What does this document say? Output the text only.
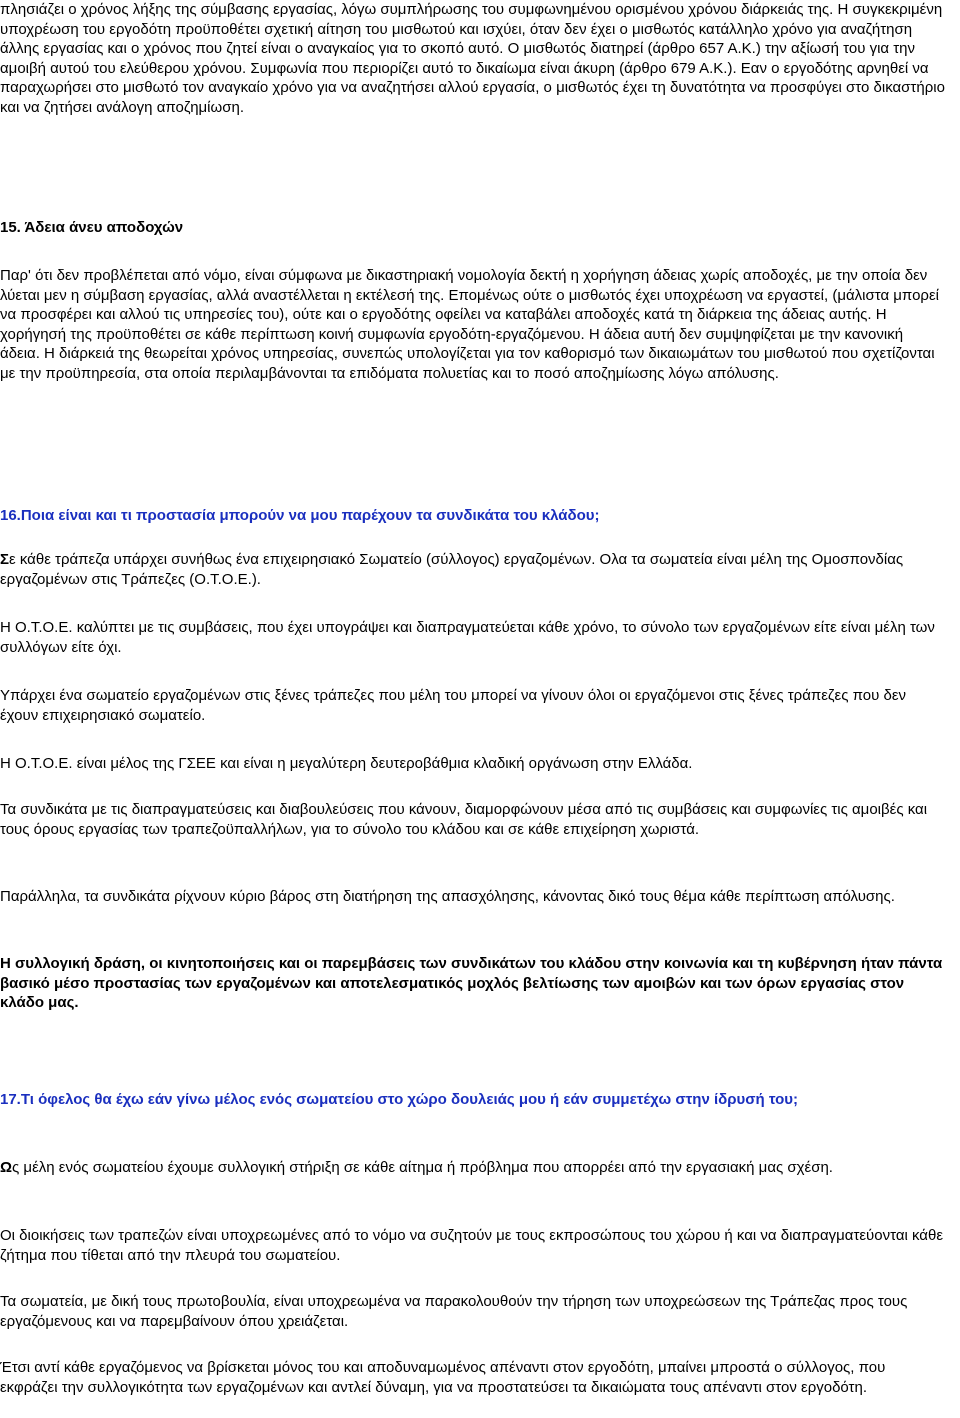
πλησιάζει ο χρόνος λήξης της σύμβασης εργασίας, λόγω συμπλήρωσης του συμφωνημένου ορισμένου χρόνου διάρκειάς της. Η συγκεκριμένη υποχρέωση του εργοδότη προϋποθέτει σχετική αίτηση του μισθωτού και ισχύει, όταν δεν έχει ο μισθωτός κατάλληλο χρόνο για αναζήτηση άλλης εργασίας και ο χρόνος που ζητεί είναι ο αναγκαίος για το σκοπό αυτό. Ο μισθωτός διατηρεί (άρθρο 657 Α.Κ.) την αξίωσή του για την αμοιβή αυτού του ελεύθερου χρόνου. Συμφωνία που περιορίζει αυτό το δικαίωμα είναι άκυρη (άρθρο 679 Α.Κ.). Εαν ο εργοδότης αρνηθεί να παραχωρήσει στο μισθωτό τον αναγκαίο χρόνο για να αναζητήσει αλλού εργασία, ο μισθωτός έχει τη δυνατότητα να προσφύγει στο δικαστήριο και να ζητήσει ανάλογη αποζημίωση.

15. Άδεια άνευ αποδοχών

Παρ' ότι δεν προβλέπεται από νόμο, είναι σύμφωνα με δικαστηριακή νομολογία δεκτή η χορήγηση άδειας χωρίς αποδοχές, με την οποία δεν λύεται μεν η σύμβαση εργασίας, αλλά αναστέλλεται η εκτέλεσή της. Επομένως ούτε ο μισθωτός έχει υποχρέωση να εργαστεί, (μάλιστα μπορεί να προσφέρει και αλλού τις υπηρεσίες του), ούτε και ο εργοδότης οφείλει να καταβάλει αποδοχές κατά τη διάρκεια της άδειας αυτής. Η χορήγησή της προϋποθέτει σε κάθε περίπτωση κοινή συμφωνία εργοδότη-εργαζόμενου. Η άδεια αυτή δεν συμψηφίζεται με την κανονική άδεια. Η διάρκειά της θεωρείται χρόνος υπηρεσίας, συνεπώς υπολογίζεται για τον καθορισμό των δικαιωμάτων του μισθωτού που σχετίζονται με την προϋπηρεσία, στα οποία περιλαμβάνονται τα επιδόματα πολυετίας και το ποσό αποζημίωσης λόγω απόλυσης.

16.Ποια είναι και τι προστασία μπορούν να μου παρέχουν τα συνδικάτα του κλάδου;

Σε κάθε τράπεζα υπάρχει συνήθως ένα επιχειρησιακό Σωματείο (σύλλογος) εργαζομένων. Ολα τα σωματεία είναι μέλη της Ομοσπονδίας εργαζομένων στις Τράπεζες (Ο.Τ.Ο.Ε.).

Η Ο.Τ.Ο.Ε. καλύπτει με τις συμβάσεις, που έχει υπογράψει και διαπραγματεύεται κάθε χρόνο, το σύνολο των εργαζομένων είτε είναι μέλη των συλλόγων είτε όχι.

Υπάρχει ένα σωματείο εργαζομένων στις ξένες τράπεζες που μέλη του μπορεί να γίνουν όλοι οι εργαζόμενοι στις ξένες τράπεζες που δεν έχουν επιχειρησιακό σωματείο.

Η Ο.Τ.Ο.Ε. είναι μέλος της ΓΣΕΕ και είναι η μεγαλύτερη δευτεροβάθμια κλαδική οργάνωση στην Ελλάδα.

Τα συνδικάτα με τις διαπραγματεύσεις και διαβουλεύσεις που κάνουν, διαμορφώνουν μέσα από τις συμβάσεις και συμφωνίες τις αμοιβές και τους όρους εργασίας των τραπεζοϋπαλλήλων, για το σύνολο του κλάδου και σε κάθε επιχείρηση χωριστά.

Παράλληλα, τα συνδικάτα ρίχνουν κύριο βάρος στη διατήρηση της απασχόλησης, κάνοντας δικό τους θέμα κάθε περίπτωση απόλυσης.

Η συλλογική δράση, οι κινητοποιήσεις και οι παρεμβάσεις των συνδικάτων του κλάδου στην κοινωνία και τη κυβέρνηση ήταν πάντα βασικό μέσο προστασίας των εργαζομένων και αποτελεσματικός μοχλός βελτίωσης των αμοιβών και των όρων εργασίας στον κλάδο μας.

17.Τι όφελος θα έχω εάν γίνω μέλος ενός σωματείου στο χώρο δουλειάς μου ή εάν συμμετέχω στην ίδρυσή του;

Ως μέλη ενός σωματείου έχουμε συλλογική στήριξη σε κάθε αίτημα ή πρόβλημα που απορρέει από την εργασιακή μας σχέση.

Οι διοικήσεις των τραπεζών είναι υποχρεωμένες από το νόμο να συζητούν με τους εκπροσώπους του χώρου ή και να διαπραγματεύονται κάθε ζήτημα που τίθεται από την πλευρά του σωματείου.

Τα σωματεία, με δική τους πρωτοβουλία, είναι υποχρεωμένα να παρακολουθούν την τήρηση των υποχρεώσεων της Τράπεζας προς τους εργαζόμενους και να παρεμβαίνουν όπου χρειάζεται.

Έτσι αντί κάθε εργαζόμενος να βρίσκεται μόνος του και αποδυναμωμένος απέναντι στον εργοδότη, μπαίνει μπροστά ο σύλλογος, που εκφράζει την συλλογικότητα των εργαζομένων και αντλεί δύναμη, για να προστατεύσει τα δικαιώματα τους απέναντι στον εργοδότη.
